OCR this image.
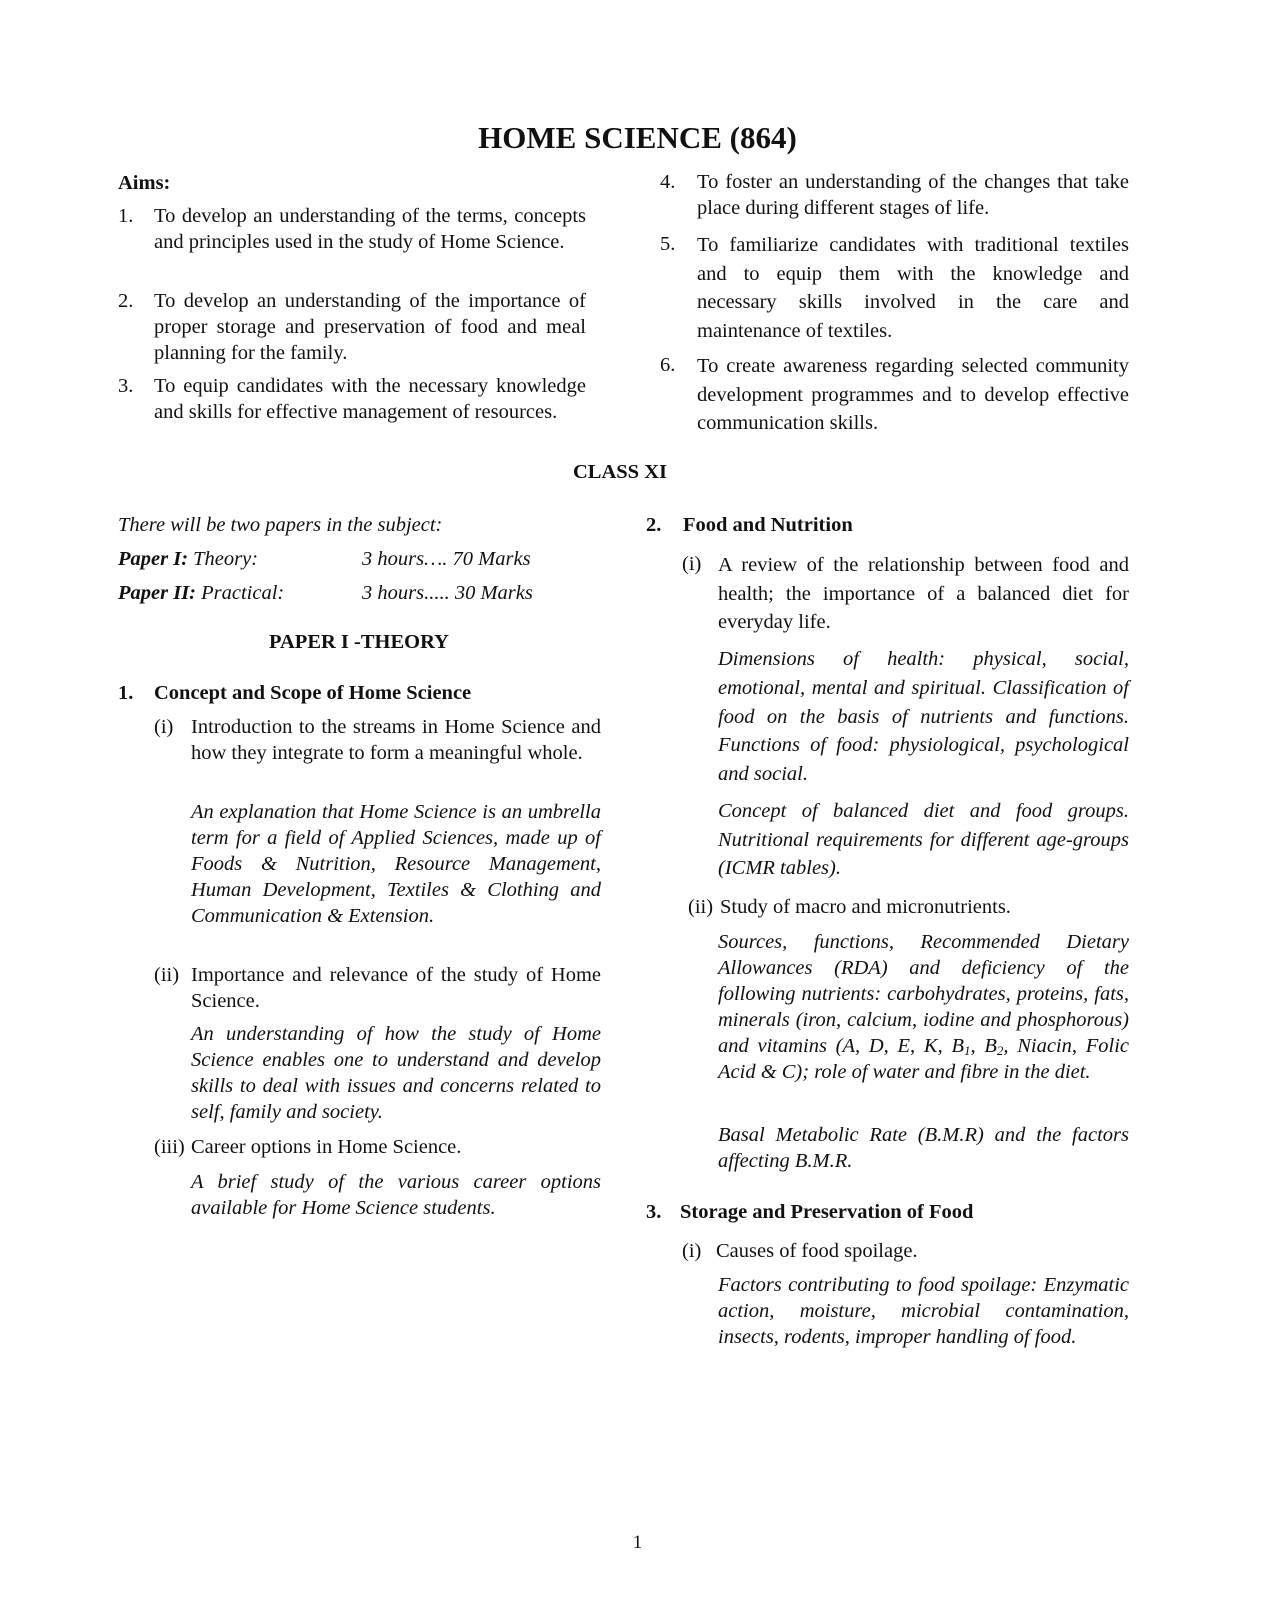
HOME SCIENCE (864)
Aims:
1. To develop an understanding of the terms, concepts and principles used in the study of Home Science.
2. To develop an understanding of the importance of proper storage and preservation of food and meal planning for the family.
3. To equip candidates with the necessary knowledge and skills for effective management of resources.
4. To foster an understanding of the changes that take place during different stages of life.
5. To familiarize candidates with traditional textiles and to equip them with the knowledge and necessary skills involved in the care and maintenance of textiles.
6. To create awareness regarding selected community development programmes and to develop effective communication skills.
CLASS XI
There will be two papers in the subject:
Paper I: Theory:	3 hours…. 70 Marks
Paper II: Practical:	3 hours..... 30 Marks
PAPER I -THEORY
1. Concept and Scope of Home Science
(i) Introduction to the streams in Home Science and how they integrate to form a meaningful whole.
An explanation that Home Science is an umbrella term for a field of Applied Sciences, made up of Foods & Nutrition, Resource Management, Human Development, Textiles & Clothing and Communication & Extension.
(ii) Importance and relevance of the study of Home Science.
An understanding of how the study of Home Science enables one to understand and develop skills to deal with issues and concerns related to self, family and society.
(iii) Career options in Home Science.
A brief study of the various career options available for Home Science students.
2. Food and Nutrition
(i) A review of the relationship between food and health; the importance of a balanced diet for everyday life.
Dimensions of health: physical, social, emotional, mental and spiritual. Classification of food on the basis of nutrients and functions. Functions of food: physiological, psychological and social.
Concept of balanced diet and food groups. Nutritional requirements for different age-groups (ICMR tables).
(ii) Study of macro and micronutrients.
Sources, functions, Recommended Dietary Allowances (RDA) and deficiency of the following nutrients: carbohydrates, proteins, fats, minerals (iron, calcium, iodine and phosphorous) and vitamins (A, D, E, K, $B_1$, $B_2$, Niacin, Folic Acid & C); role of water and fibre in the diet.
Basal Metabolic Rate (B.M.R) and the factors affecting B.M.R.
3. Storage and Preservation of Food
(i) Causes of food spoilage.
Factors contributing to food spoilage: Enzymatic action, moisture, microbial contamination, insects, rodents, improper handling of food.
1
